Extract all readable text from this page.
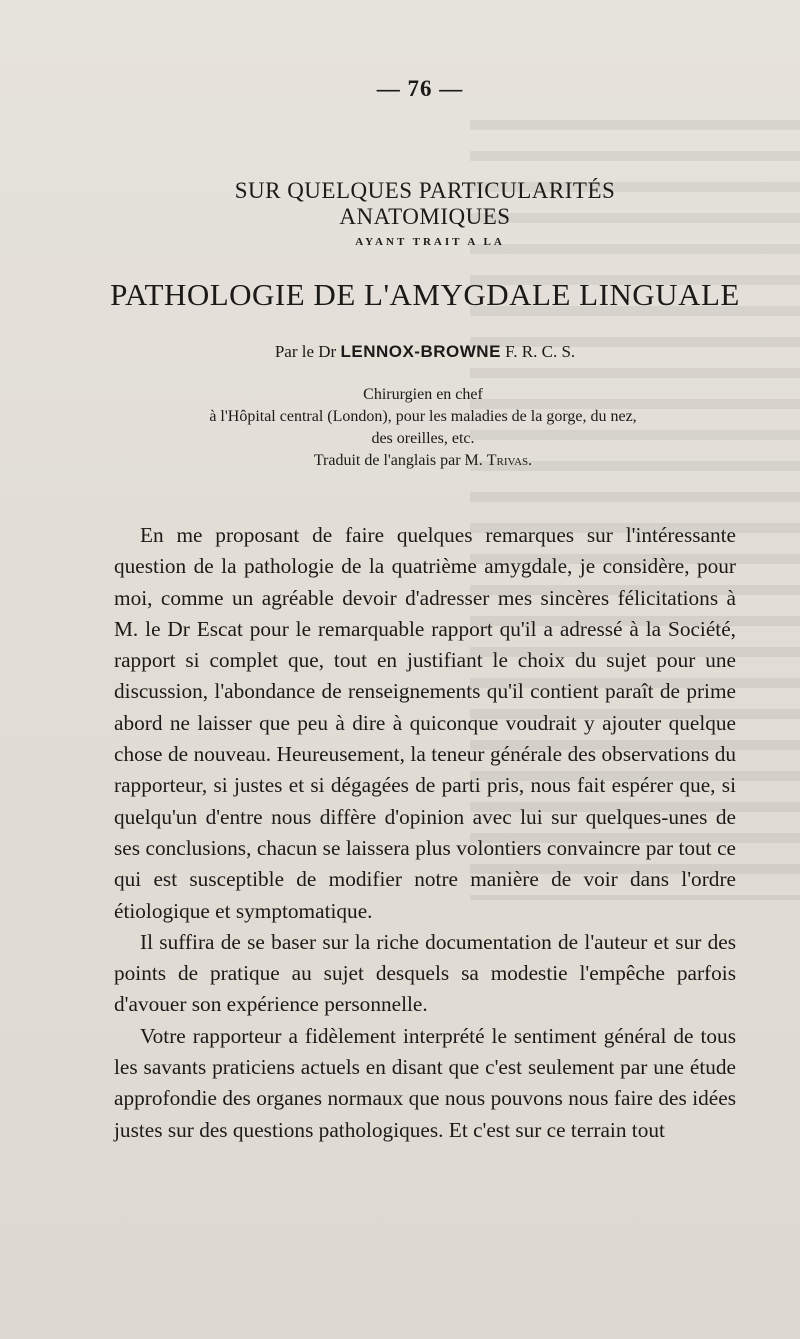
— 76 —
SUR QUELQUES PARTICULARITÉS ANATOMIQUES
AYANT TRAIT A LA
PATHOLOGIE DE L'AMYGDALE LINGUALE
Par le Dr LENNOX-BROWNE F. R. C. S.
Chirurgien en chef
à l'Hôpital central (London), pour les maladies de la gorge, du nez,
des oreilles, etc.
Traduit de l'anglais par M. Trivas.

En me proposant de faire quelques remarques sur l'intéressante question de la pathologie de la quatrième amygdale, je considère, pour moi, comme un agréable devoir d'adresser mes sincères félicitations à M. le Dr Escat pour le remarquable rapport qu'il a adressé à la Société, rapport si complet que, tout en justifiant le choix du sujet pour une discussion, l'abondance de renseignements qu'il contient paraît de prime abord ne laisser que peu à dire à quiconque voudrait y ajouter quelque chose de nouveau. Heureusement, la teneur générale des observations du rapporteur, si justes et si dégagées de parti pris, nous fait espérer que, si quelqu'un d'entre nous diffère d'opinion avec lui sur quelques-unes de ses conclusions, chacun se laissera plus volontiers convaincre par tout ce qui est susceptible de modifier notre manière de voir dans l'ordre étiologique et symptomatique.

Il suffira de se baser sur la riche documentation de l'auteur et sur des points de pratique au sujet desquels sa modestie l'empêche parfois d'avouer son expérience personnelle.

Votre rapporteur a fidèlement interprété le sentiment général de tous les savants praticiens actuels en disant que c'est seulement par une étude approfondie des organes normaux que nous pouvons nous faire des idées justes sur des questions pathologiques. Et c'est sur ce terrain tout
